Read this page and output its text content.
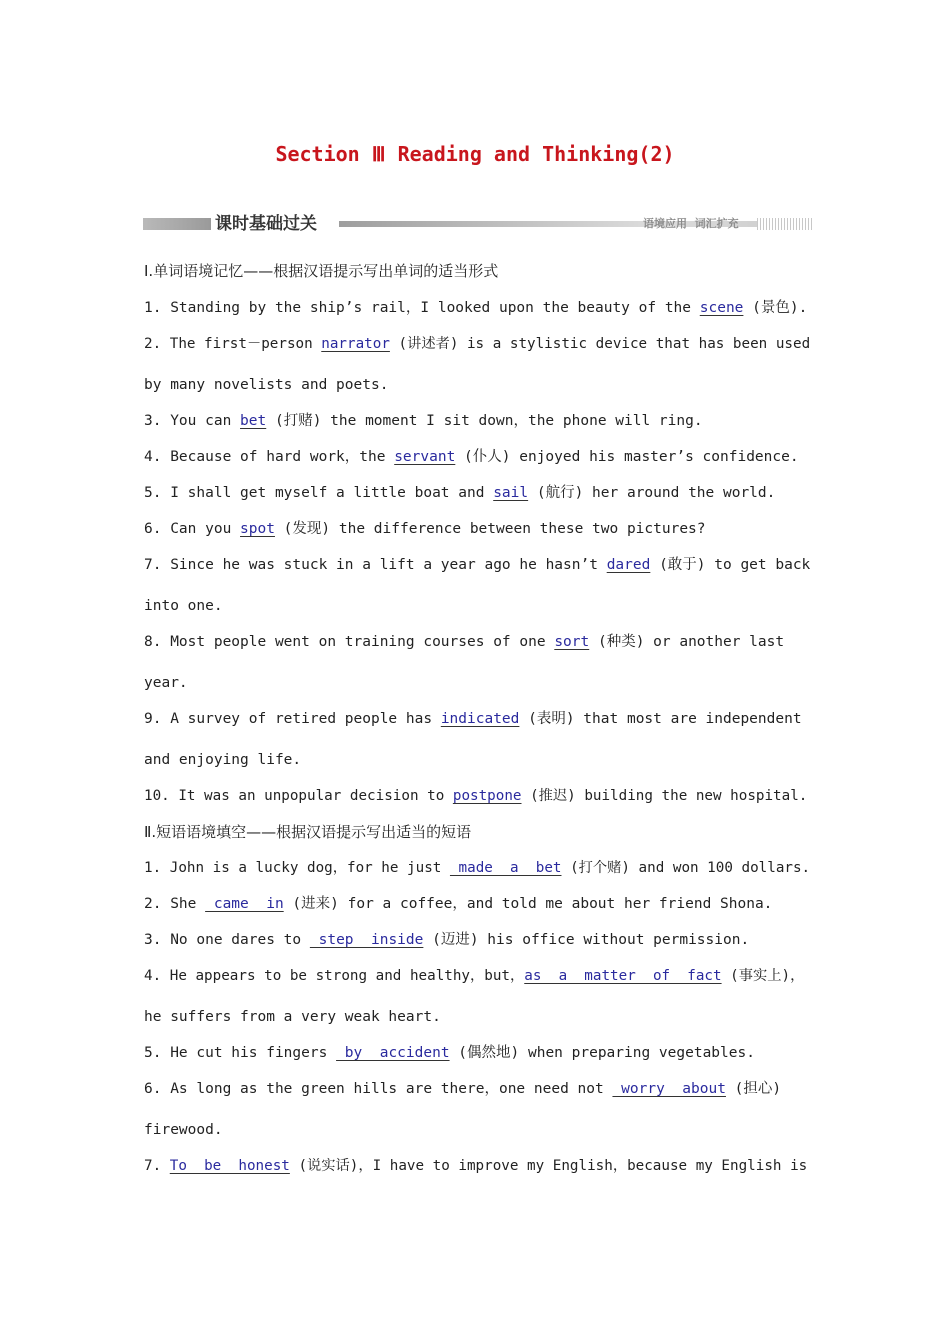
Section Ⅲ Reading and Thinking(2)
课时基础过关	语境应用  词汇扩充
Ⅰ.单词语境记忆——根据汉语提示写出单词的适当形式
1. Standing by the ship’s rail，I looked upon the beauty of the scene (景色).
2. The first－person narrator (讲述者) is a stylistic device that has been used
by many novelists and poets.
3. You can bet (打赌) the moment I sit down，the phone will ring.
4. Because of hard work，the servant (仆人) enjoyed his master’s confidence.
5. I shall get myself a little boat and sail (航行) her around the world.
6. Can you spot (发现) the difference between these two pictures?
7. Since he was stuck in a lift a year ago he hasn’t dared (敢于) to get back
into one.
8. Most people went on training courses of one sort (种类) or another last
year.
9. A survey of retired people has indicated (表明) that most are independent
and enjoying life.
10. It was an unpopular decision to postpone (推迟) building the new hospital.
Ⅱ.短语语境填空——根据汉语提示写出适当的短语
1. John is a lucky dog，for he just  made  a  bet (打个赌) and won 100 dollars.
2. She  came  in (进来) for a coffee，and told me about her friend Shona.
3. No one dares to  step  inside (迈进) his office without permission.
4. He appears to be strong and healthy，but，as  a  matter  of  fact (事实上)，
he suffers from a very weak heart.
5. He cut his fingers  by  accident (偶然地) when preparing vegetables.
6. As long as the green hills are there，one need not  worry  about (担心)
firewood.
7. To  be  honest (说实话)，I have to improve my English，because my English is
